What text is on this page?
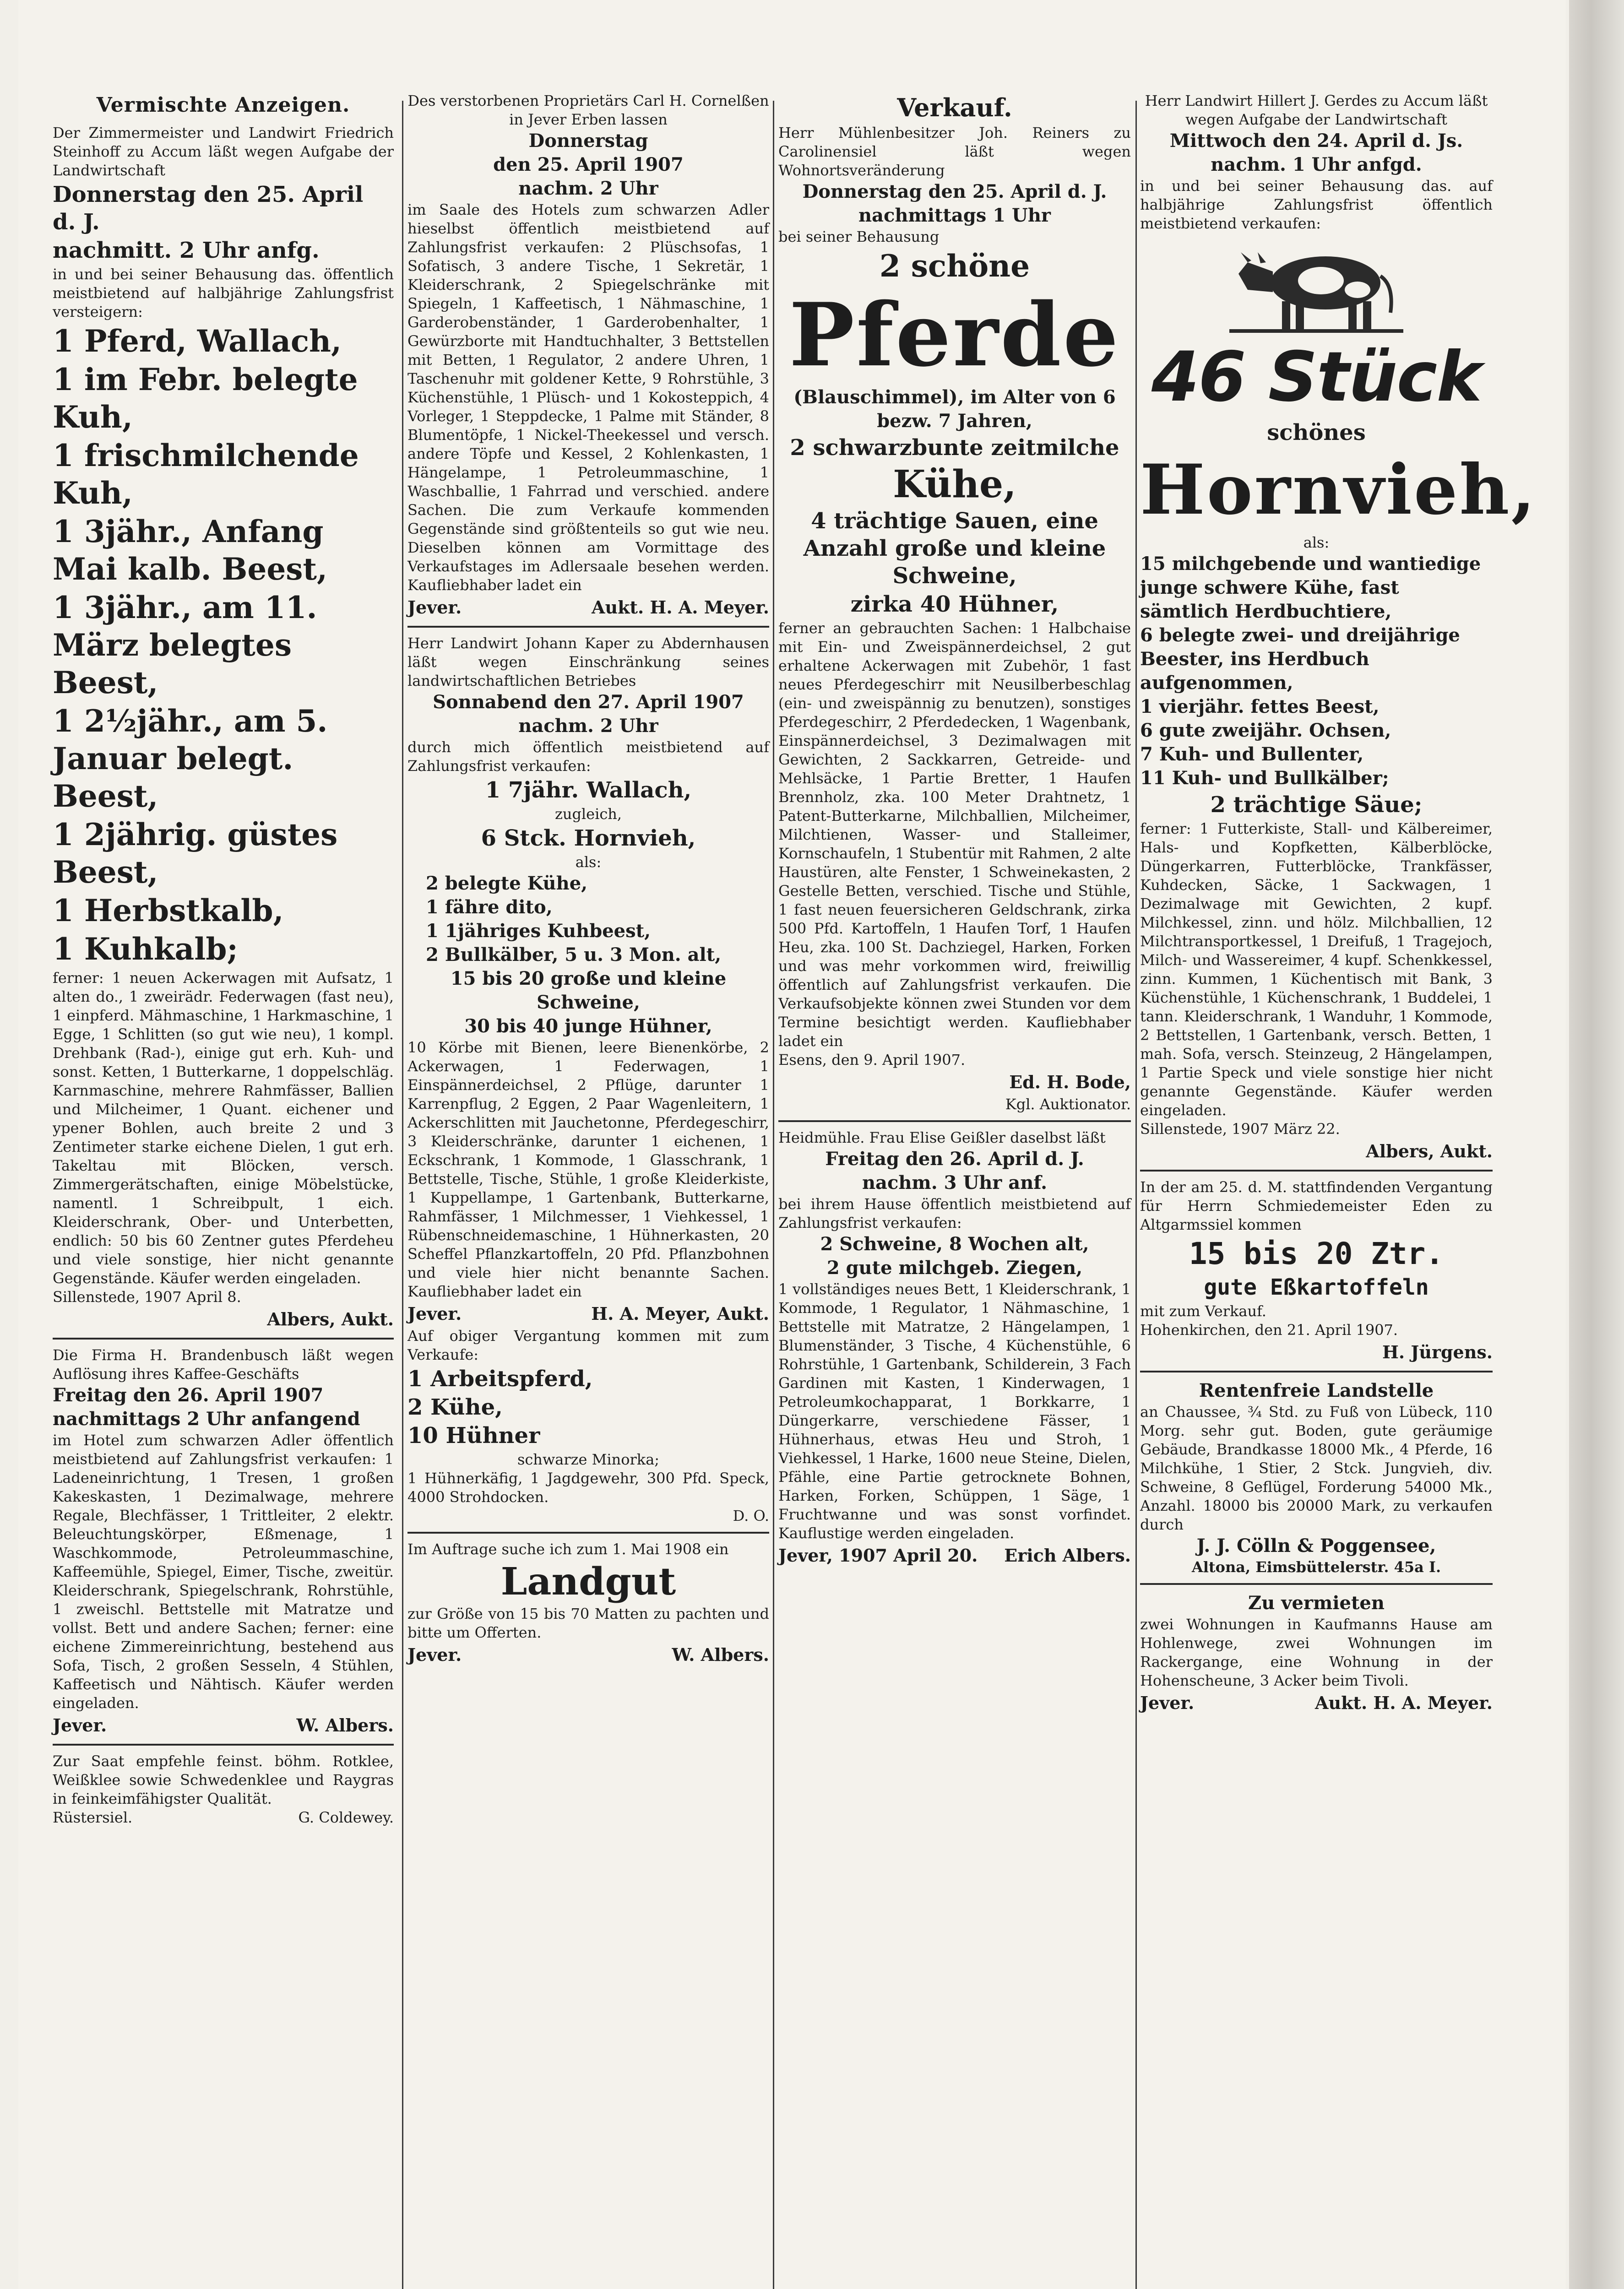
Vermischte Anzeigen.

Der Zimmermeister und Landwirt Friedrich Steinhoff zu Accum läßt wegen Aufgabe der Landwirtschaft

Donnerstag den 25. April d. J.

nachmitt. 2 Uhr anfg.

in und bei seiner Behausung das. öffentlich meistbietend auf halbjährige Zahlungsfrist versteigern:

1 Pferd, Wallach,

1 im Febr. belegte Kuh,

1 frischmilchende Kuh,

1 3jähr., Anfang Mai kalb. Beest,

1 3jähr., am 11. März belegtes Beest,

1 2½jähr., am 5. Januar belegt. Beest,

1 2jährig. güstes Beest,

1 Herbstkalb,

1 Kuhkalb;

ferner: 1 neuen Ackerwagen mit Aufsatz, 1 alten do., 1 zweirädr. Federwagen (fast neu), 1 einpferd. Mähmaschine, 1 Harkmaschine, 1 Egge, 1 Schlitten (so gut wie neu), 1 kompl. Drehbank (Rad-), einige gut erh. Kuh- und sonst. Ketten, 1 Butterkarne, 1 doppelschläg. Karnmaschine, mehrere Rahmfässer, Ballien und Milcheimer, 1 Quant. eichener und ypener Bohlen, auch breite 2 und 3 Zentimeter starke eichene Dielen, 1 gut erh. Takeltau mit Blöcken, versch. Zimmergerätschaften, einige Möbelstücke, namentl. 1 Schreibpult, 1 eich. Kleiderschrank, Ober- und Unterbetten, endlich: 50 bis 60 Zentner gutes Pferdeheu und viele sonstige, hier nicht genannte Gegenstände. Käufer werden eingeladen.

Sillenstede, 1907 April 8.

Albers, Aukt.

Die Firma H. Brandenbusch läßt wegen Auflösung ihres Kaffee-Geschäfts

Freitag den 26. April 1907

nachmittags 2 Uhr anfangend

im Hotel zum schwarzen Adler öffentlich meistbietend auf Zahlungsfrist verkaufen: 1 Ladeneinrichtung, 1 Tresen, 1 großen Kakeskasten, 1 Dezimalwage, mehrere Regale, Blechfässer, 1 Trittleiter, 2 elektr. Beleuchtungskörper, Eßmenage, 1 Waschkommode, Petroleummaschine, Kaffeemühle, Spiegel, Eimer, Tische, zweitür. Kleiderschrank, Spiegelschrank, Rohrstühle, 1 zweischl. Bettstelle mit Matratze und vollst. Bett und andere Sachen; ferner: eine eichene Zimmereinrichtung, bestehend aus Sofa, Tisch, 2 großen Sesseln, 4 Stühlen, Kaffeetisch und Nähtisch. Käufer werden eingeladen.

Jever.	W. Albers.

Zur Saat empfehle feinst. böhm. Rotklee, Weißklee sowie Schwedenklee und Raygras in feinkeimfähigster Qualität.

Rüstersiel.	G. Coldewey.

Des verstorbenen Proprietärs Carl H. Cornelßen in Jever Erben lassen

Donnerstag

den 25. April 1907

nachm. 2 Uhr

im Saale des Hotels zum schwarzen Adler hieselbst öffentlich meistbietend auf Zahlungsfrist verkaufen: 2 Plüschsofas, 1 Sofatisch, 3 andere Tische, 1 Sekretär, 1 Kleiderschrank, 2 Spiegelschränke mit Spiegeln, 1 Kaffeetisch, 1 Nähmaschine, 1 Garderobenständer, 1 Garderobenhalter, 1 Gewürzborte mit Handtuchhalter, 3 Bettstellen mit Betten, 1 Regulator, 2 andere Uhren, 1 Taschenuhr mit goldener Kette, 9 Rohrstühle, 3 Küchenstühle, 1 Plüsch- und 1 Kokosteppich, 4 Vorleger, 1 Steppdecke, 1 Palme mit Ständer, 8 Blumentöpfe, 1 Nickel-Theekessel und versch. andere Töpfe und Kessel, 2 Kohlenkasten, 1 Hängelampe, 1 Petroleummaschine, 1 Waschballie, 1 Fahrrad und verschied. andere Sachen. Die zum Verkaufe kommenden Gegenstände sind größtenteils so gut wie neu. Dieselben können am Vormittage des Verkaufstages im Adlersaale besehen werden. Kaufliebhaber ladet ein

Jever.	Aukt. H. A. Meyer.

Herr Landwirt Johann Kaper zu Abdernhausen läßt wegen Einschränkung seines landwirtschaftlichen Betriebes

Sonnabend den 27. April 1907

nachm. 2 Uhr

durch mich öffentlich meistbietend auf Zahlungsfrist verkaufen:

1 7jähr. Wallach,

zugleich,

6 Stck. Hornvieh,

als:

2 belegte Kühe,

1 fähre dito,

1 1jähriges Kuhbeest,

2 Bullkälber, 5 u. 3 Mon. alt,

15 bis 20 große und kleine Schweine,

30 bis 40 junge Hühner,

10 Körbe mit Bienen, leere Bienenkörbe, 2 Ackerwagen, 1 Federwagen, 1 Einspännerdeichsel, 2 Pflüge, darunter 1 Karrenpflug, 2 Eggen, 2 Paar Wagenleitern, 1 Ackerschlitten mit Jauchetonne, Pferdegeschirr, 3 Kleiderschränke, darunter 1 eichenen, 1 Eckschrank, 1 Kommode, 1 Glasschrank, 1 Bettstelle, Tische, Stühle, 1 große Kleiderkiste, 1 Kuppellampe, 1 Gartenbank, Butterkarne, Rahmfässer, 1 Milchmesser, 1 Viehkessel, 1 Rübenschneidemaschine, 1 Hühnerkasten, 20 Scheffel Pflanzkartoffeln, 20 Pfd. Pflanzbohnen und viele hier nicht benannte Sachen. Kaufliebhaber ladet ein

Jever.	H. A. Meyer, Aukt.

Auf obiger Vergantung kommen mit zum Verkaufe:

1 Arbeitspferd,

2 Kühe,

10 Hühner

schwarze Minorka;

1 Hühnerkäfig, 1 Jagdgewehr, 300 Pfd. Speck, 4000 Strohdocken.

D. O.

Im Auftrage suche ich zum 1. Mai 1908 ein

Landgut

zur Größe von 15 bis 70 Matten zu pachten und bitte um Offerten.

Jever.	W. Albers.

Verkauf.

Herr Mühlenbesitzer Joh. Reiners zu Carolinensiel läßt wegen Wohnortsveränderung

Donnerstag den 25. April d. J.

nachmittags 1 Uhr

bei seiner Behausung

2 schöne

Pferde

(Blauschimmel), im Alter von 6 bezw. 7 Jahren,

2 schwarzbunte zeitmilche

Kühe,

4 trächtige Sauen, eine Anzahl große und kleine Schweine,

zirka 40 Hühner,

ferner an gebrauchten Sachen: 1 Halbchaise mit Ein- und Zweispännerdeichsel, 2 gut erhaltene Ackerwagen mit Zubehör, 1 fast neues Pferdegeschirr mit Neusilberbeschlag (ein- und zweispännig zu benutzen), sonstiges Pferdegeschirr, 2 Pferdedecken, 1 Wagenbank, Einspännerdeichsel, 3 Dezimalwagen mit Gewichten, 2 Sackkarren, Getreide- und Mehlsäcke, 1 Partie Bretter, 1 Haufen Brennholz, zka. 100 Meter Drahtnetz, 1 Patent-Butterkarne, Milchballien, Milcheimer, Milchtienen, Wasser- und Stalleimer, Kornschaufeln, 1 Stubentür mit Rahmen, 2 alte Haustüren, alte Fenster, 1 Schweinekasten, 2 Gestelle Betten, verschied. Tische und Stühle, 1 fast neuen feuersicheren Geldschrank, zirka 500 Pfd. Kartoffeln, 1 Haufen Torf, 1 Haufen Heu, zka. 100 St. Dachziegel, Harken, Forken und was mehr vorkommen wird, freiwillig öffentlich auf Zahlungsfrist verkaufen. Die Verkaufsobjekte können zwei Stunden vor dem Termine besichtigt werden. Kaufliebhaber ladet ein

Esens, den 9. April 1907.

Ed. H. Bode,

Kgl. Auktionator.

Heidmühle. Frau Elise Geißler daselbst läßt

Freitag den 26. April d. J.

nachm. 3 Uhr anf.

bei ihrem Hause öffentlich meistbietend auf Zahlungsfrist verkaufen:

2 Schweine, 8 Wochen alt,

2 gute milchgeb. Ziegen,

1 vollständiges neues Bett, 1 Kleiderschrank, 1 Kommode, 1 Regulator, 1 Nähmaschine, 1 Bettstelle mit Matratze, 2 Hängelampen, 1 Blumenständer, 3 Tische, 4 Küchenstühle, 6 Rohrstühle, 1 Gartenbank, Schilderein, 3 Fach Gardinen mit Kasten, 1 Kinderwagen, 1 Petroleumkochapparat, 1 Borkkarre, 1 Düngerkarre, verschiedene Fässer, 1 Hühnerhaus, etwas Heu und Stroh, 1 Viehkessel, 1 Harke, 1600 neue Steine, Dielen, Pfähle, eine Partie getrocknete Bohnen, Harken, Forken, Schüppen, 1 Säge, 1 Fruchtwanne und was sonst vorfindet. Kauflustige werden eingeladen.

Jever, 1907 April 20. Erich Albers.

Herr Landwirt Hillert J. Gerdes zu Accum läßt wegen Aufgabe der Landwirtschaft

Mittwoch den 24. April d. Js.

nachm. 1 Uhr anfgd.

in und bei seiner Behausung das. auf halbjährige Zahlungsfrist öffentlich meistbietend verkaufen:

46 Stück

schönes

Hornvieh,

als:

15 milchgebende und wantiedige junge schwere Kühe, fast sämtlich Herdbuchtiere,

6 belegte zwei- und dreijährige Beester, ins Herdbuch aufgenommen,

1 vierjähr. fettes Beest,

6 gute zweijähr. Ochsen,

7 Kuh- und Bullenter,

11 Kuh- und Bullkälber;

2 trächtige Säue;

ferner: 1 Futterkiste, Stall- und Kälbereimer, Hals- und Kopfketten, Kälberblöcke, Düngerkarren, Futterblöcke, Trankfässer, Kuhdecken, Säcke, 1 Sackwagen, 1 Dezimalwage mit Gewichten, 2 kupf. Milchkessel, zinn. und hölz. Milchballien, 12 Milchtransportkessel, 1 Dreifuß, 1 Tragejoch, Milch- und Wassereimer, 4 kupf. Schenkkessel, zinn. Kummen, 1 Küchentisch mit Bank, 3 Küchenstühle, 1 Küchenschrank, 1 Buddelei, 1 tann. Kleiderschrank, 1 Wanduhr, 1 Kommode, 2 Bettstellen, 1 Gartenbank, versch. Betten, 1 mah. Sofa, versch. Steinzeug, 2 Hängelampen, 1 Partie Speck und viele sonstige hier nicht genannte Gegenstände. Käufer werden eingeladen.

Sillenstede, 1907 März 22.

Albers, Aukt.

In der am 25. d. M. stattfindenden Vergantung für Herrn Schmiedemeister Eden zu Altgarmssiel kommen

15 bis 20 Ztr.

gute Eßkartoffeln

mit zum Verkauf.

Hohenkirchen, den 21. April 1907.

H. Jürgens.

Rentenfreie Landstelle

an Chaussee, ¾ Std. zu Fuß von Lübeck, 110 Morg. sehr gut. Boden, gute geräumige Gebäude, Brandkasse 18000 Mk., 4 Pferde, 16 Milchkühe, 1 Stier, 2 Stck. Jungvieh, div. Schweine, 8 Geflügel, Forderung 54000 Mk., Anzahl. 18000 bis 20000 Mark, zu verkaufen durch

J. J. Cölln & Poggensee,

Altona, Eimsbüttelerstr. 45a I.

Zu vermieten

zwei Wohnungen in Kaufmanns Hause am Hohlenwege, zwei Wohnungen im Rackergange, eine Wohnung in der Hohenscheune, 3 Acker beim Tivoli.

Jever.	Aukt. H. A. Meyer.
